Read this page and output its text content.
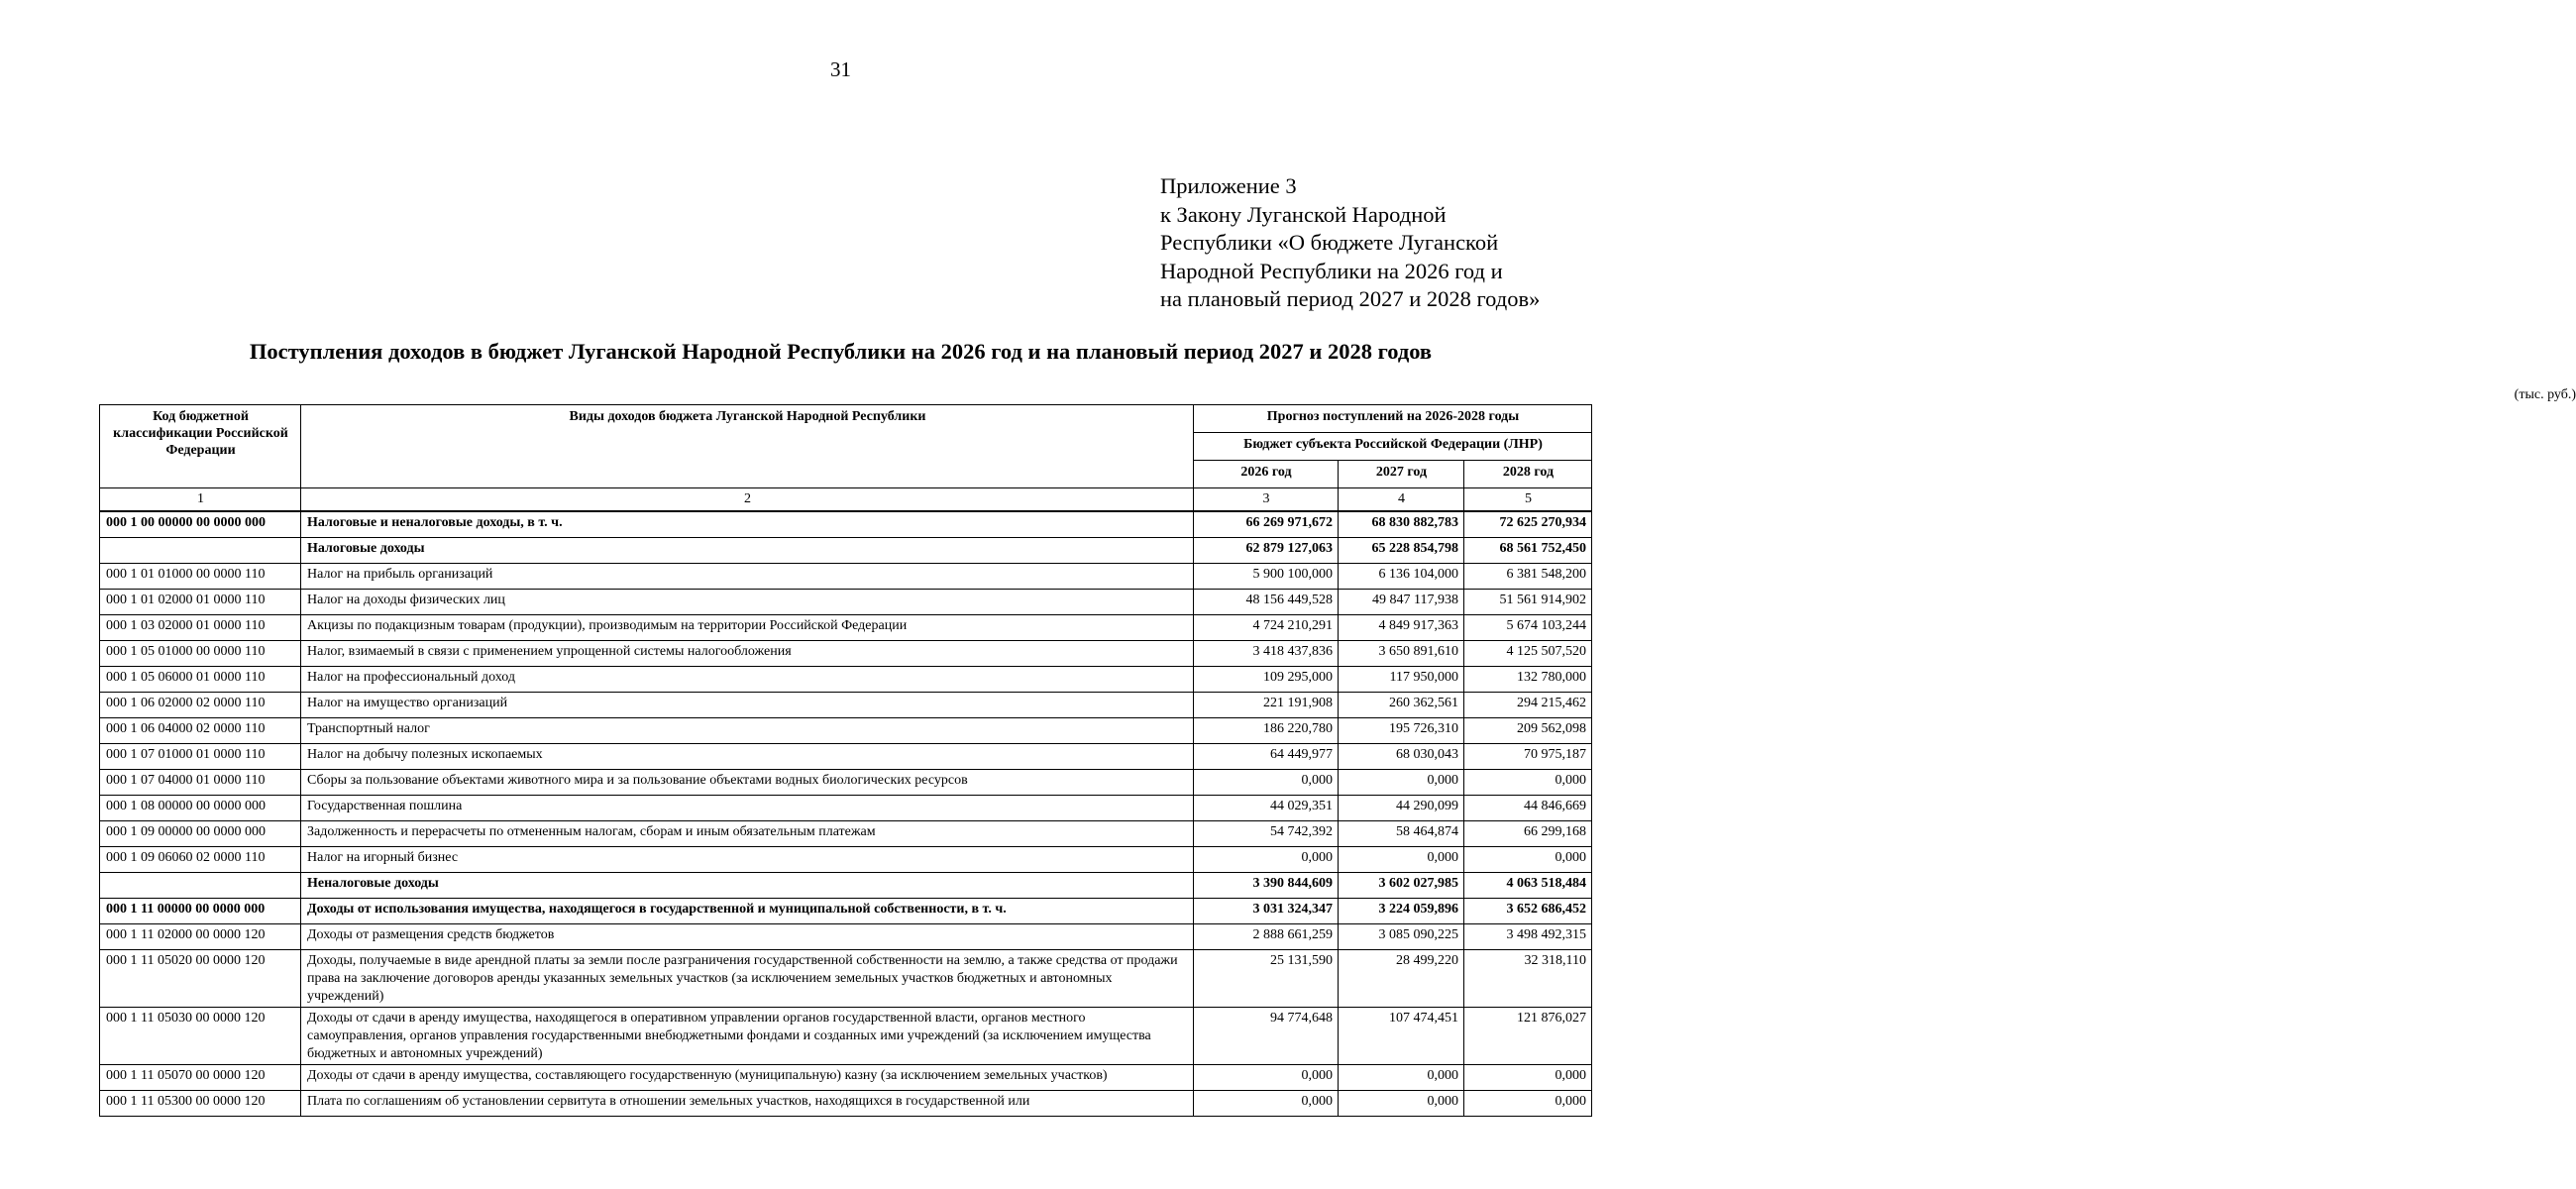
31
Приложение 3
к Закону Луганской Народной
Республики «О бюджете Луганской
Народной Республики на 2026 год и
на плановый период 2027 и 2028 годов»
Поступления доходов в бюджет Луганской Народной Республики на 2026 год и на плановый период 2027 и 2028 годов
(тыс. руб.)
Код бюджетной классификации Российской Федерации	Виды доходов бюджета Луганской Народной Республики	Прогноз поступлений на 2026-2028 годы		
		Бюджет субъекта Российской Федерации (ЛНР)		
		2026 год	2027 год	2028 год
1	2	3	4	5
000 1 00 00000 00 0000 000	Налоговые и неналоговые доходы, в т. ч.	66 269 971,672	68 830 882,783	72 625 270,934
	Налоговые доходы	62 879 127,063	65 228 854,798	68 561 752,450
000 1 01 01000 00 0000 110	Налог на прибыль организаций	5 900 100,000	6 136 104,000	6 381 548,200
000 1 01 02000 01 0000 110	Налог на доходы физических лиц	48 156 449,528	49 847 117,938	51 561 914,902
000 1 03 02000 01 0000 110	Акцизы по подакцизным товарам (продукции), производимым на территории Российской Федерации	4 724 210,291	4 849 917,363	5 674 103,244
000 1 05 01000 00 0000 110	Налог, взимаемый в связи с применением упрощенной системы налогообложения	3 418 437,836	3 650 891,610	4 125 507,520
000 1 05 06000 01 0000 110	Налог на профессиональный доход	109 295,000	117 950,000	132 780,000
000 1 06 02000 02 0000 110	Налог на имущество организаций	221 191,908	260 362,561	294 215,462
000 1 06 04000 02 0000 110	Транспортный налог	186 220,780	195 726,310	209 562,098
000 1 07 01000 01 0000 110	Налог на добычу полезных ископаемых	64 449,977	68 030,043	70 975,187
000 1 07 04000 01 0000 110	Сборы за пользование объектами животного мира и за пользование объектами водных биологических ресурсов	0,000	0,000	0,000
000 1 08 00000 00 0000 000	Государственная пошлина	44 029,351	44 290,099	44 846,669
000 1 09 00000 00 0000 000	Задолженность и перерасчеты по отмененным налогам, сборам и иным обязательным платежам	54 742,392	58 464,874	66 299,168
000 1 09 06060 02 0000 110	Налог на игорный бизнес	0,000	0,000	0,000
	Неналоговые доходы	3 390 844,609	3 602 027,985	4 063 518,484
000 1 11 00000 00 0000 000	Доходы от использования имущества, находящегося в государственной и муниципальной собственности, в т. ч.	3 031 324,347	3 224 059,896	3 652 686,452
000 1 11 02000 00 0000 120	Доходы от размещения средств бюджетов	2 888 661,259	3 085 090,225	3 498 492,315
000 1 11 05020 00 0000 120	Доходы, получаемые в виде арендной платы за земли после разграничения государственной собственности на землю, а также средства от продажи права на заключение договоров аренды указанных земельных участков (за исключением земельных участков бюджетных и автономных учреждений)	25 131,590	28 499,220	32 318,110
000 1 11 05030 00 0000 120	Доходы от сдачи в аренду имущества, находящегося в оперативном управлении органов государственной власти, органов местного самоуправления, органов управления государственными внебюджетными фондами и созданных ими учреждений (за исключением имущества бюджетных и автономных учреждений)	94 774,648	107 474,451	121 876,027
000 1 11 05070 00 0000 120	Доходы от сдачи в аренду имущества, составляющего государственную (муниципальную) казну (за исключением земельных участков)	0,000	0,000	0,000
000 1 11 05300 00 0000 120	Плата по соглашениям об установлении сервитута в отношении земельных участков, находящихся в государственной или	0,000	0,000	0,000
